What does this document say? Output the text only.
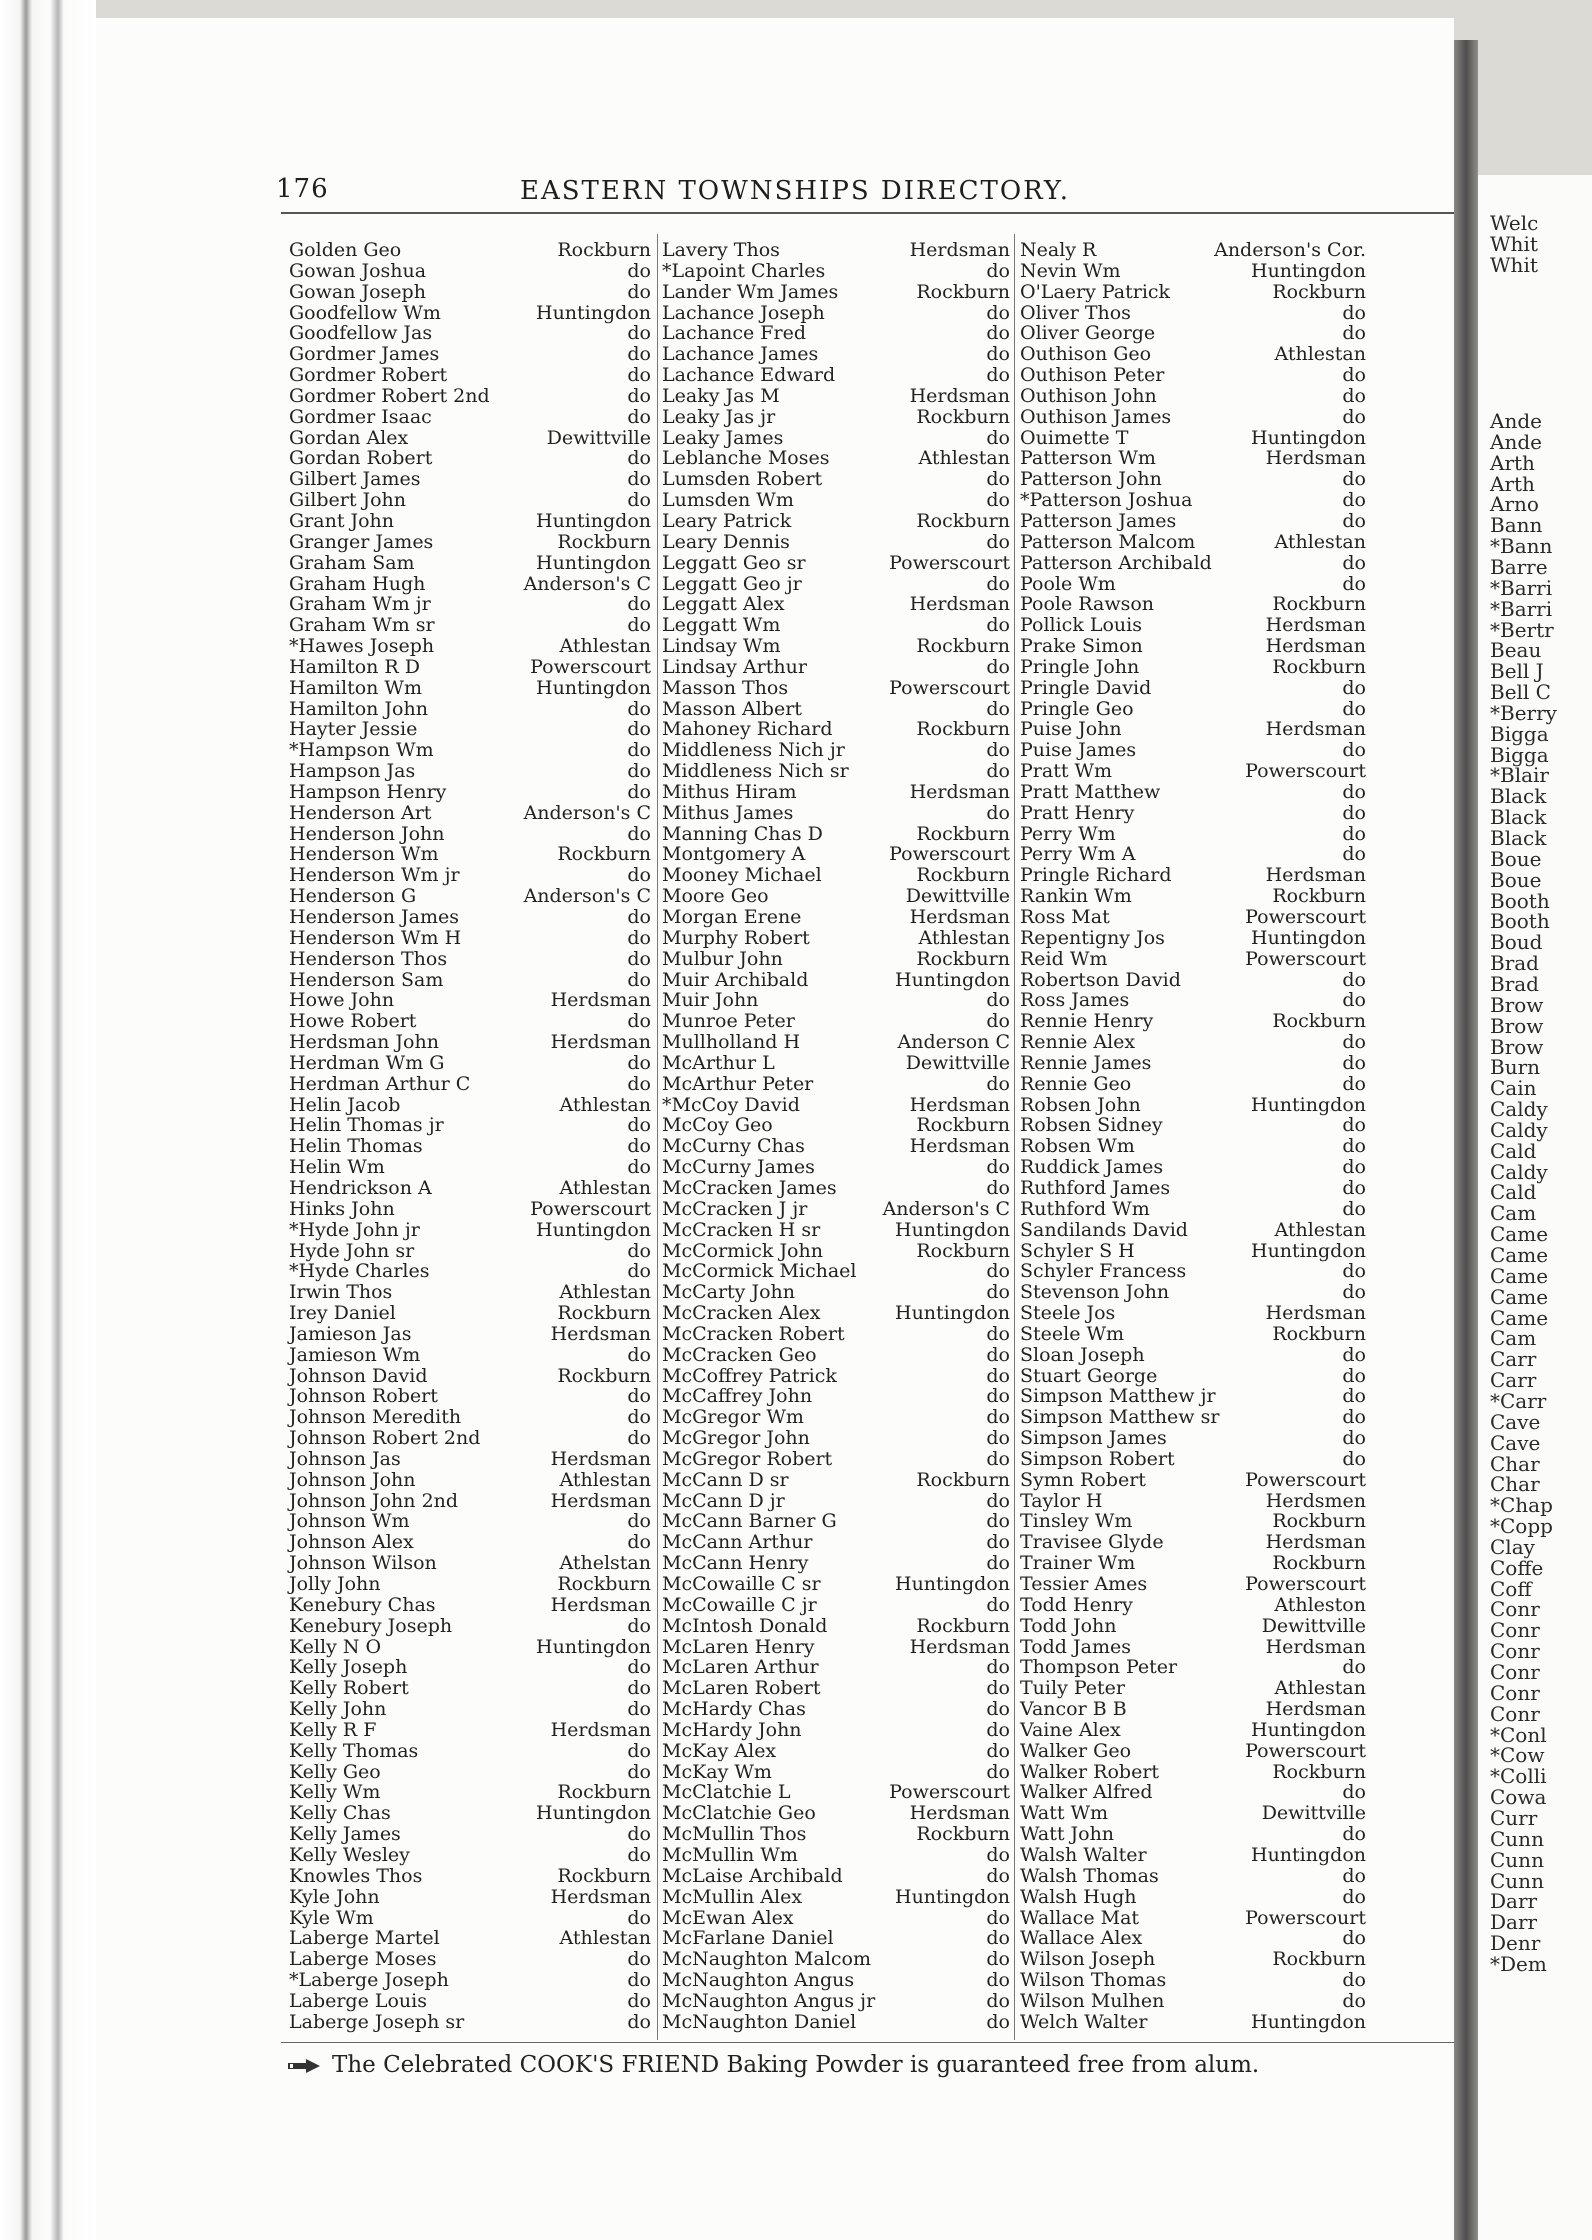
176	EASTERN TOWNSHIPS DIRECTORY.
Golden Geo	Rockburn
Gowan Joshua	do
Gowan Joseph	do
Goodfellow Wm	Huntingdon
Goodfellow Jas	do
Gordmer James	do
Gordmer Robert	do
Gordmer Robert 2nd	do
Gordmer Isaac	do
Gordan Alex	Dewittville
Gordan Robert	do
Gilbert James	do
Gilbert John	do
Grant John	Huntingdon
Granger James	Rockburn
Graham Sam	Huntingdon
Graham Hugh	Anderson's C
Graham Wm jr	do
Graham Wm sr	do
*Hawes Joseph	Athlestan
Hamilton R D	Powerscourt
Hamilton Wm	Huntingdon
Hamilton John	do
Hayter Jessie	do
*Hampson Wm	do
Hampson Jas	do
Hampson Henry	do
Henderson Art	Anderson's C
Henderson John	do
Henderson Wm	Rockburn
Henderson Wm jr	do
Henderson G	Anderson's C
Henderson James	do
Henderson Wm H	do
Henderson Thos	do
Henderson Sam	do
Howe John	Herdsman
Howe Robert	do
Herdsman John	Herdsman
Herdman Wm G	do
Herdman Arthur C	do
Helin Jacob	Athlestan
Helin Thomas jr	do
Helin Thomas	do
Helin Wm	do
Hendrickson A	Athlestan
Hinks John	Powerscourt
*Hyde John jr	Huntingdon
Hyde John sr	do
*Hyde Charles	do
Irwin Thos	Athlestan
Irey Daniel	Rockburn
Jamieson Jas	Herdsman
Jamieson Wm	do
Johnson David	Rockburn
Johnson Robert	do
Johnson Meredith	do
Johnson Robert 2nd	do
Johnson Jas	Herdsman
Johnson John	Athlestan
Johnson John 2nd	Herdsman
Johnson Wm	do
Johnson Alex	do
Johnson Wilson	Athelstan
Jolly John	Rockburn
Kenebury Chas	Herdsman
Kenebury Joseph	do
Kelly N O	Huntingdon
Kelly Joseph	do
Kelly Robert	do
Kelly John	do
Kelly R F	Herdsman
Kelly Thomas	do
Kelly Geo	do
Kelly Wm	Rockburn
Kelly Chas	Huntingdon
Kelly James	do
Kelly Wesley	do
Knowles Thos	Rockburn
Kyle John	Herdsman
Kyle Wm	do
Laberge Martel	Athlestan
Laberge Moses	do
*Laberge Joseph	do
Laberge Louis	do
Laberge Joseph sr	do
Lavery Thos	Herdsman
*Lapoint Charles	do
Lander Wm James	Rockburn
Lachance Joseph	do
Lachance Fred	do
Lachance James	do
Lachance Edward	do
Leaky Jas M	Herdsman
Leaky Jas jr	Rockburn
Leaky James	do
Leblanche Moses	Athlestan
Lumsden Robert	do
Lumsden Wm	do
Leary Patrick	Rockburn
Leary Dennis	do
Leggatt Geo sr	Powerscourt
Leggatt Geo jr	do
Leggatt Alex	Herdsman
Leggatt Wm	do
Lindsay Wm	Rockburn
Lindsay Arthur	do
Masson Thos	Powerscourt
Masson Albert	do
Mahoney Richard	Rockburn
Middleness Nich jr	do
Middleness Nich sr	do
Mithus Hiram	Herdsman
Mithus James	do
Manning Chas D	Rockburn
Montgomery A	Powerscourt
Mooney Michael	Rockburn
Moore Geo	Dewittville
Morgan Erene	Herdsman
Murphy Robert	Athlestan
Mulbur John	Rockburn
Muir Archibald	Huntingdon
Muir John	do
Munroe Peter	do
Mullholland H	Anderson C
McArthur L	Dewittville
McArthur Peter	do
*McCoy David	Herdsman
McCoy Geo	Rockburn
McCurny Chas	Herdsman
McCurny James	do
McCracken James	do
McCracken J jr	Anderson's C
McCracken H sr	Huntingdon
McCormick John	Rockburn
McCormick Michael	do
McCarty John	do
McCracken Alex	Huntingdon
McCracken Robert	do
McCracken Geo	do
McCoffrey Patrick	do
McCaffrey John	do
McGregor Wm	do
McGregor John	do
McGregor Robert	do
McCann D sr	Rockburn
McCann D jr	do
McCann Barner G	do
McCann Arthur	do
McCann Henry	do
McCowaille C sr	Huntingdon
McCowaille C jr	do
McIntosh Donald	Rockburn
McLaren Henry	Herdsman
McLaren Arthur	do
McLaren Robert	do
McHardy Chas	do
McHardy John	do
McKay Alex	do
McKay Wm	do
McClatchie L	Powerscourt
McClatchie Geo	Herdsman
McMullin Thos	Rockburn
McMullin Wm	do
McLaise Archibald	do
McMullin Alex	Huntingdon
McEwan Alex	do
McFarlane Daniel	do
McNaughton Malcom	do
McNaughton Angus	do
McNaughton Angus jr	do
McNaughton Daniel	do
Nealy R	Anderson's Cor.
Nevin Wm	Huntingdon
O'Laery Patrick	Rockburn
Oliver Thos	do
Oliver George	do
Outhison Geo	Athlestan
Outhison Peter	do
Outhison John	do
Outhison James	do
Ouimette T	Huntingdon
Patterson Wm	Herdsman
Patterson John	do
*Patterson Joshua	do
Patterson James	do
Patterson Malcom	Athlestan
Patterson Archibald	do
Poole Wm	do
Poole Rawson	Rockburn
Pollick Louis	Herdsman
Prake Simon	Herdsman
Pringle John	Rockburn
Pringle David	do
Pringle Geo	do
Puise John	Herdsman
Puise James	do
Pratt Wm	Powerscourt
Pratt Matthew	do
Pratt Henry	do
Perry Wm	do
Perry Wm A	do
Pringle Richard	Herdsman
Rankin Wm	Rockburn
Ross Mat	Powerscourt
Repentigny Jos	Huntingdon
Reid Wm	Powerscourt
Robertson David	do
Ross James	do
Rennie Henry	Rockburn
Rennie Alex	do
Rennie James	do
Rennie Geo	do
Robsen John	Huntingdon
Robsen Sidney	do
Robsen Wm	do
Ruddick James	do
Ruthford James	do
Ruthford Wm	do
Sandilands David	Athlestan
Schyler S H	Huntingdon
Schyler Francess	do
Stevenson John	do
Steele Jos	Herdsman
Steele Wm	Rockburn
Sloan Joseph	do
Stuart George	do
Simpson Matthew jr	do
Simpson Matthew sr	do
Simpson James	do
Simpson Robert	do
Symn Robert	Powerscourt
Taylor H	Herdsmen
Tinsley Wm	Rockburn
Travisee Glyde	Herdsman
Trainer Wm	Rockburn
Tessier Ames	Powerscourt
Todd Henry	Athleston
Todd John	Dewittville
Todd James	Herdsman
Thompson Peter	do
Tuily Peter	Athlestan
Vancor B B	Herdsman
Vaine Alex	Huntingdon
Walker Geo	Powerscourt
Walker Robert	Rockburn
Walker Alfred	do
Watt Wm	Dewittville
Watt John	do
Walsh Walter	Huntingdon
Walsh Thomas	do
Walsh Hugh	do
Wallace Mat	Powerscourt
Wallace Alex	do
Wilson Joseph	Rockburn
Wilson Thomas	do
Wilson Mulhen	do
Welch Walter	Huntingdon
The Celebrated COOK'S FRIEND Baking Powder is guaranteed free from alum.
Welc
Whit
Whit
Ande
Ande
Arth
Arth
Arno
Bann
*Bann
Barre
*Barri
*Barri
*Bertr
Beau
Bell J
Bell C
*Berry
Bigga
Bigga
*Blair
Black
Black
Black
Boue
Boue
Booth
Booth
Boud
Brad
Brad
Brow
Brow
Brow
Burn
Cain
Caldy
Caldy
Cald
Caldy
Cald
Cam
Came
Came
Came
Came
Came
Cam
Carr
Carr
*Carr
Cave
Cave
Char
Char
*Chap
*Copp
Clay
Coffe
Coff
Conr
Conr
Conr
Conr
Conr
Conr
*Conl
*Cow
*Colli
Cowa
Curr
Cunn
Cunn
Cunn
Darr
Darr
Denr
*Dem
